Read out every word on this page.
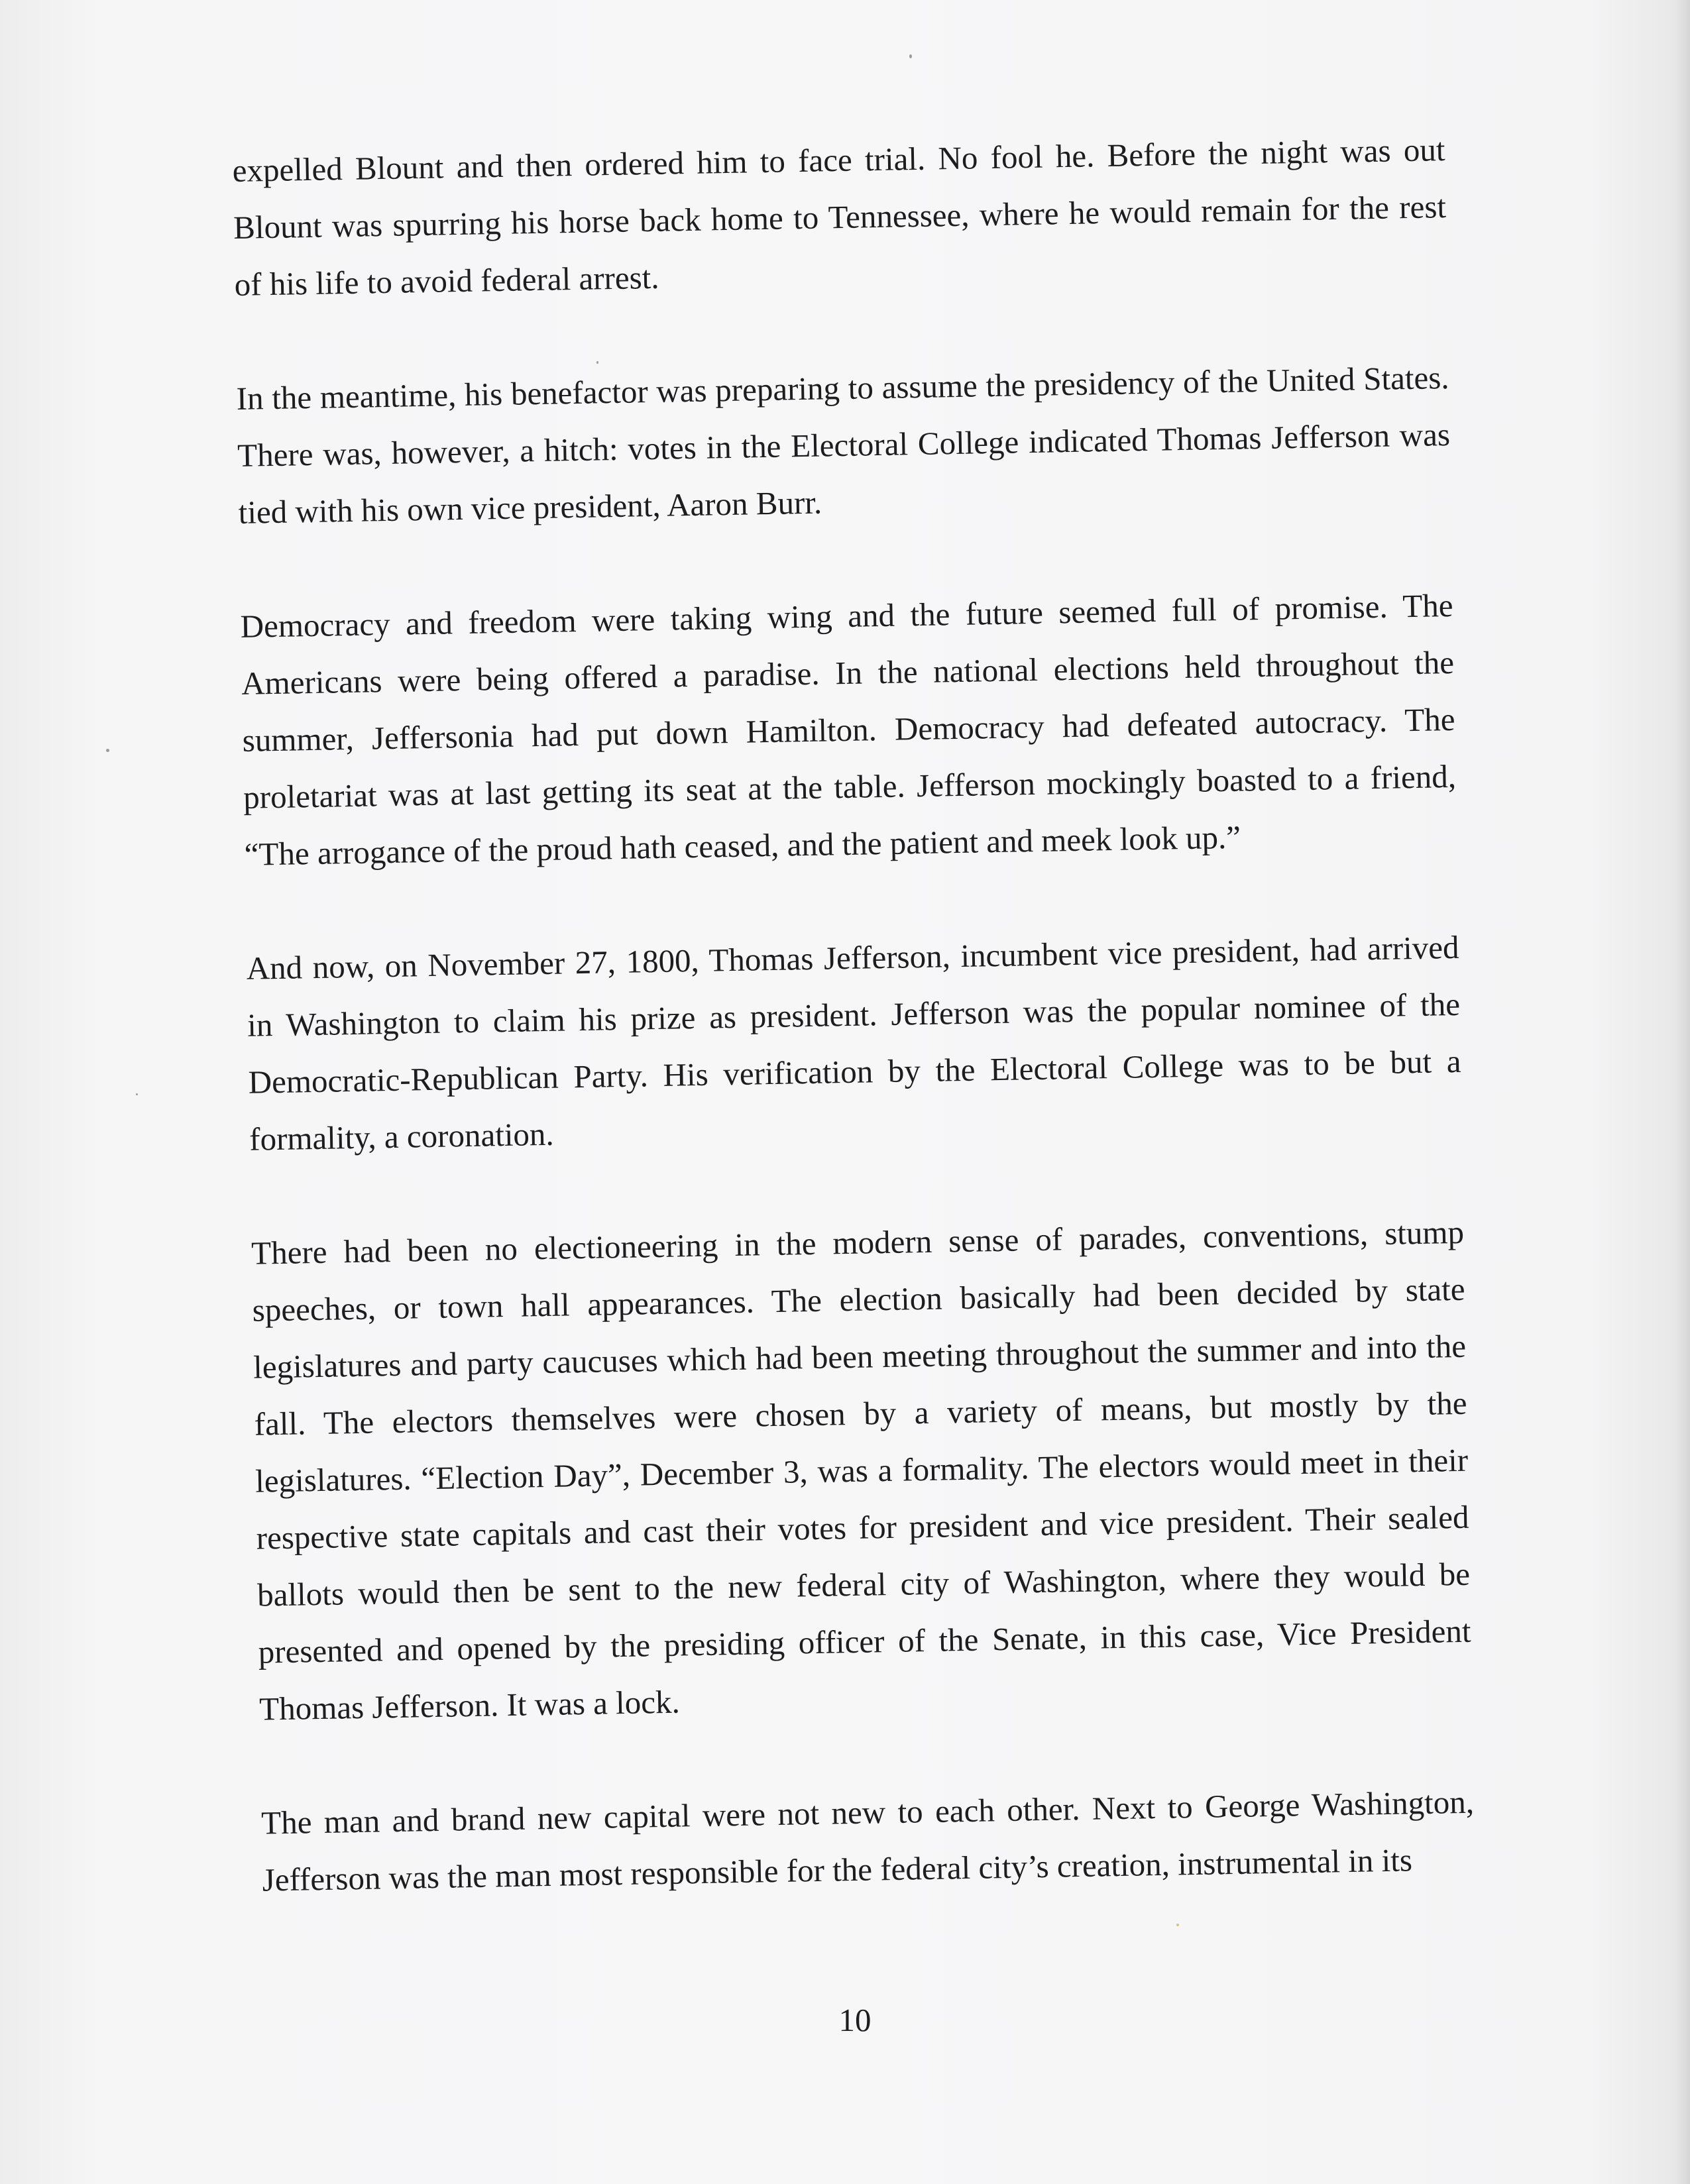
expelled Blount and then ordered him to face trial. No fool he. Before the night was out Blount was spurring his horse back home to Tennessee, where he would remain for the rest of his life to avoid federal arrest.

In the meantime, his benefactor was preparing to assume the presidency of the United States. There was, however, a hitch: votes in the Electoral College indicated Thomas Jefferson was tied with his own vice president, Aaron Burr.

Democracy and freedom were taking wing and the future seemed full of promise. The Americans were being offered a paradise. In the national elections held throughout the summer, Jeffersonia had put down Hamilton. Democracy had defeated autocracy. The proletariat was at last getting its seat at the table. Jefferson mockingly boasted to a friend, “The arrogance of the proud hath ceased, and the patient and meek look up.”

And now, on November 27, 1800, Thomas Jefferson, incumbent vice president, had arrived in Washington to claim his prize as president. Jefferson was the popular nominee of the Democratic-Republican Party. His verification by the Electoral College was to be but a formality, a coronation.

There had been no electioneering in the modern sense of parades, conventions, stump speeches, or town hall appearances. The election basically had been decided by state legislatures and party caucuses which had been meeting throughout the summer and into the fall. The electors themselves were chosen by a variety of means, but mostly by the legislatures. “Election Day”, December 3, was a formality. The electors would meet in their respective state capitals and cast their votes for president and vice president. Their sealed ballots would then be sent to the new federal city of Washington, where they would be presented and opened by the presiding officer of the Senate, in this case, Vice President Thomas Jefferson. It was a lock.

The man and brand new capital were not new to each other. Next to George Washington, Jefferson was the man most responsible for the federal city’s creation, instrumental in its

10
